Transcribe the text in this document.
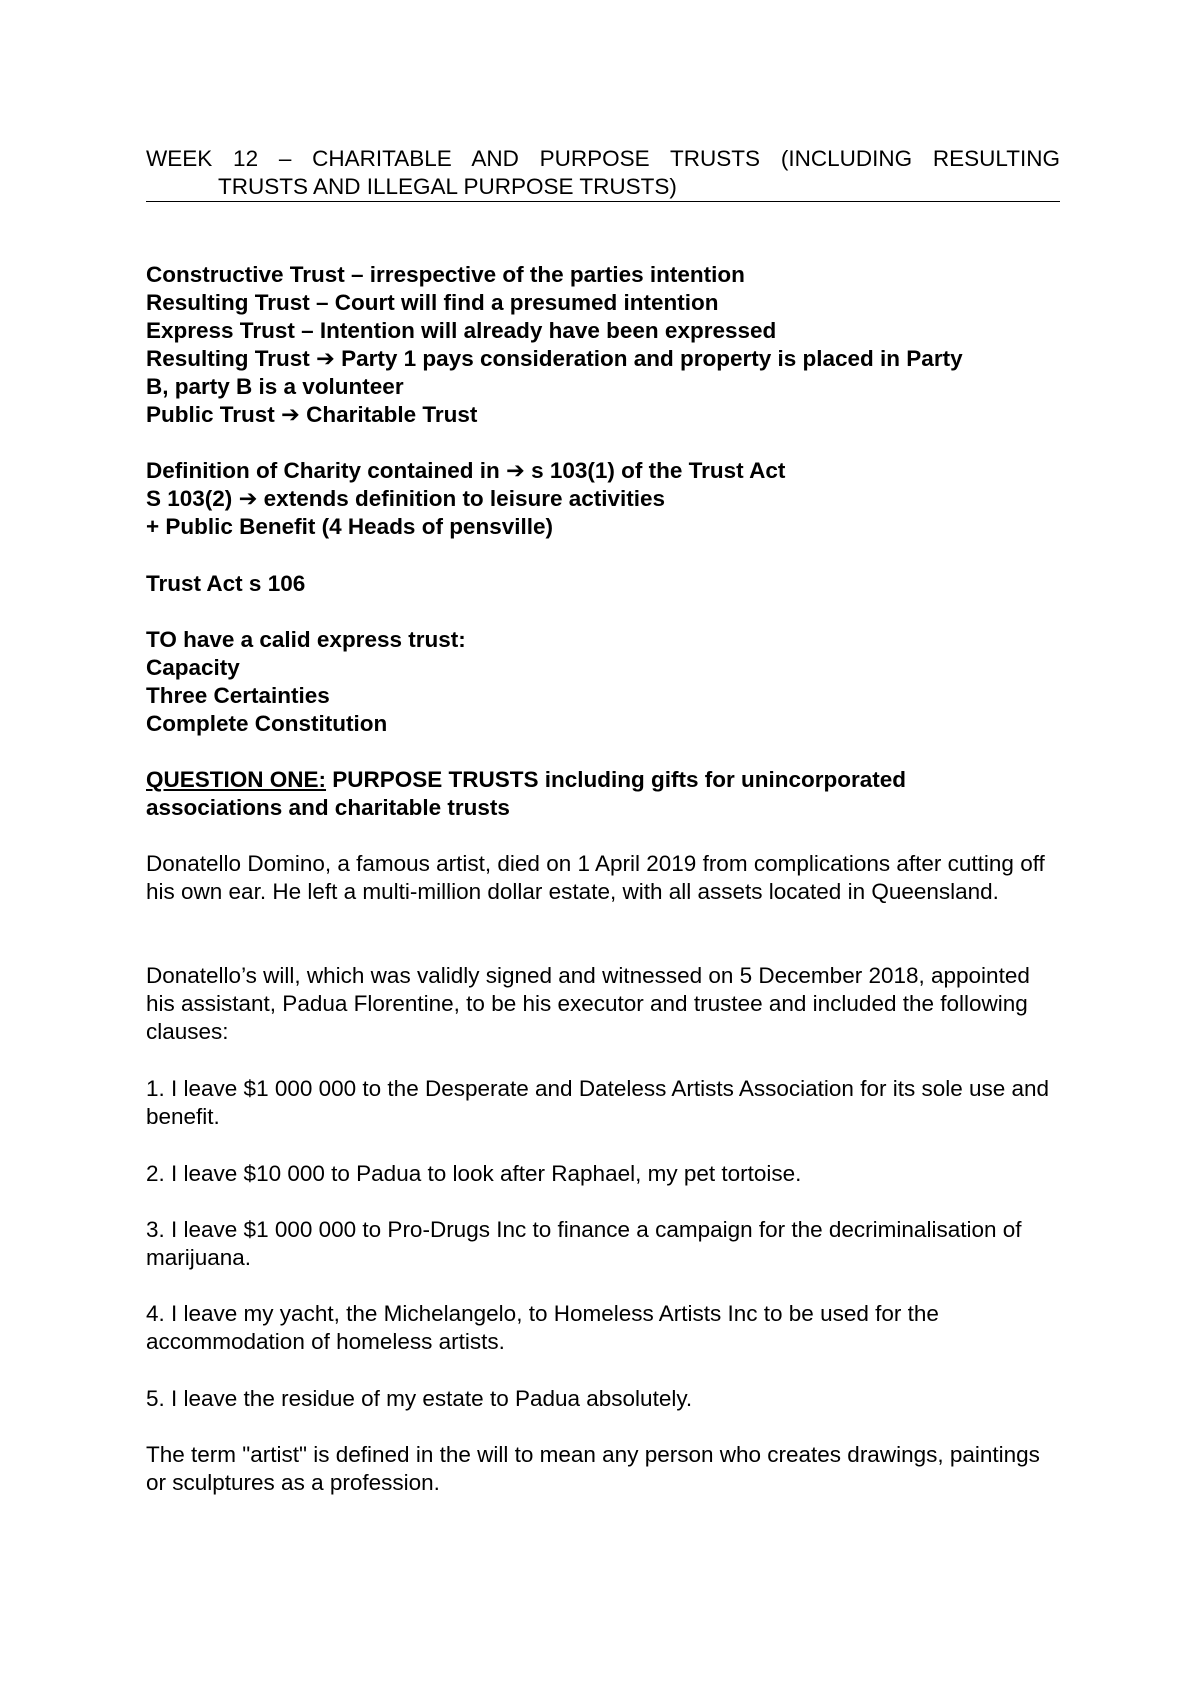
WEEK 12 – CHARITABLE AND PURPOSE TRUSTS (INCLUDING RESULTING
TRUSTS AND ILLEGAL PURPOSE TRUSTS)
Constructive Trust – irrespective of the parties intention
Resulting Trust – Court will find a presumed intention
Express Trust – Intention will already have been expressed
Resulting Trust ➔ Party 1 pays consideration and property is placed in Party
B, party B is a volunteer
Public Trust ➔ Charitable Trust
Definition of Charity contained in ➔ s 103(1) of the Trust Act
S 103(2) ➔ extends definition to leisure activities
+ Public Benefit (4 Heads of pensville)
Trust Act s 106
TO have a calid express trust:
Capacity
Three Certainties
Complete Constitution
QUESTION ONE: PURPOSE TRUSTS including gifts for unincorporated
associations and charitable trusts

Donatello Domino, a famous artist, died on 1 April 2019 from complications after cutting off his own ear. He left a multi-million dollar estate, with all assets located in Queensland.

Donatello’s will, which was validly signed and witnessed on 5 December 2018, appointed his assistant, Padua Florentine, to be his executor and trustee and included the following clauses:

1. I leave $1 000 000 to the Desperate and Dateless Artists Association for its sole use and benefit.

2. I leave $10 000 to Padua to look after Raphael, my pet tortoise.

3. I leave $1 000 000 to Pro-Drugs Inc to finance a campaign for the decriminalisation of marijuana.

4. I leave my yacht, the Michelangelo, to Homeless Artists Inc to be used for the accommodation of homeless artists.

5. I leave the residue of my estate to Padua absolutely.

The term "artist" is defined in the will to mean any person who creates drawings, paintings or sculptures as a profession.
